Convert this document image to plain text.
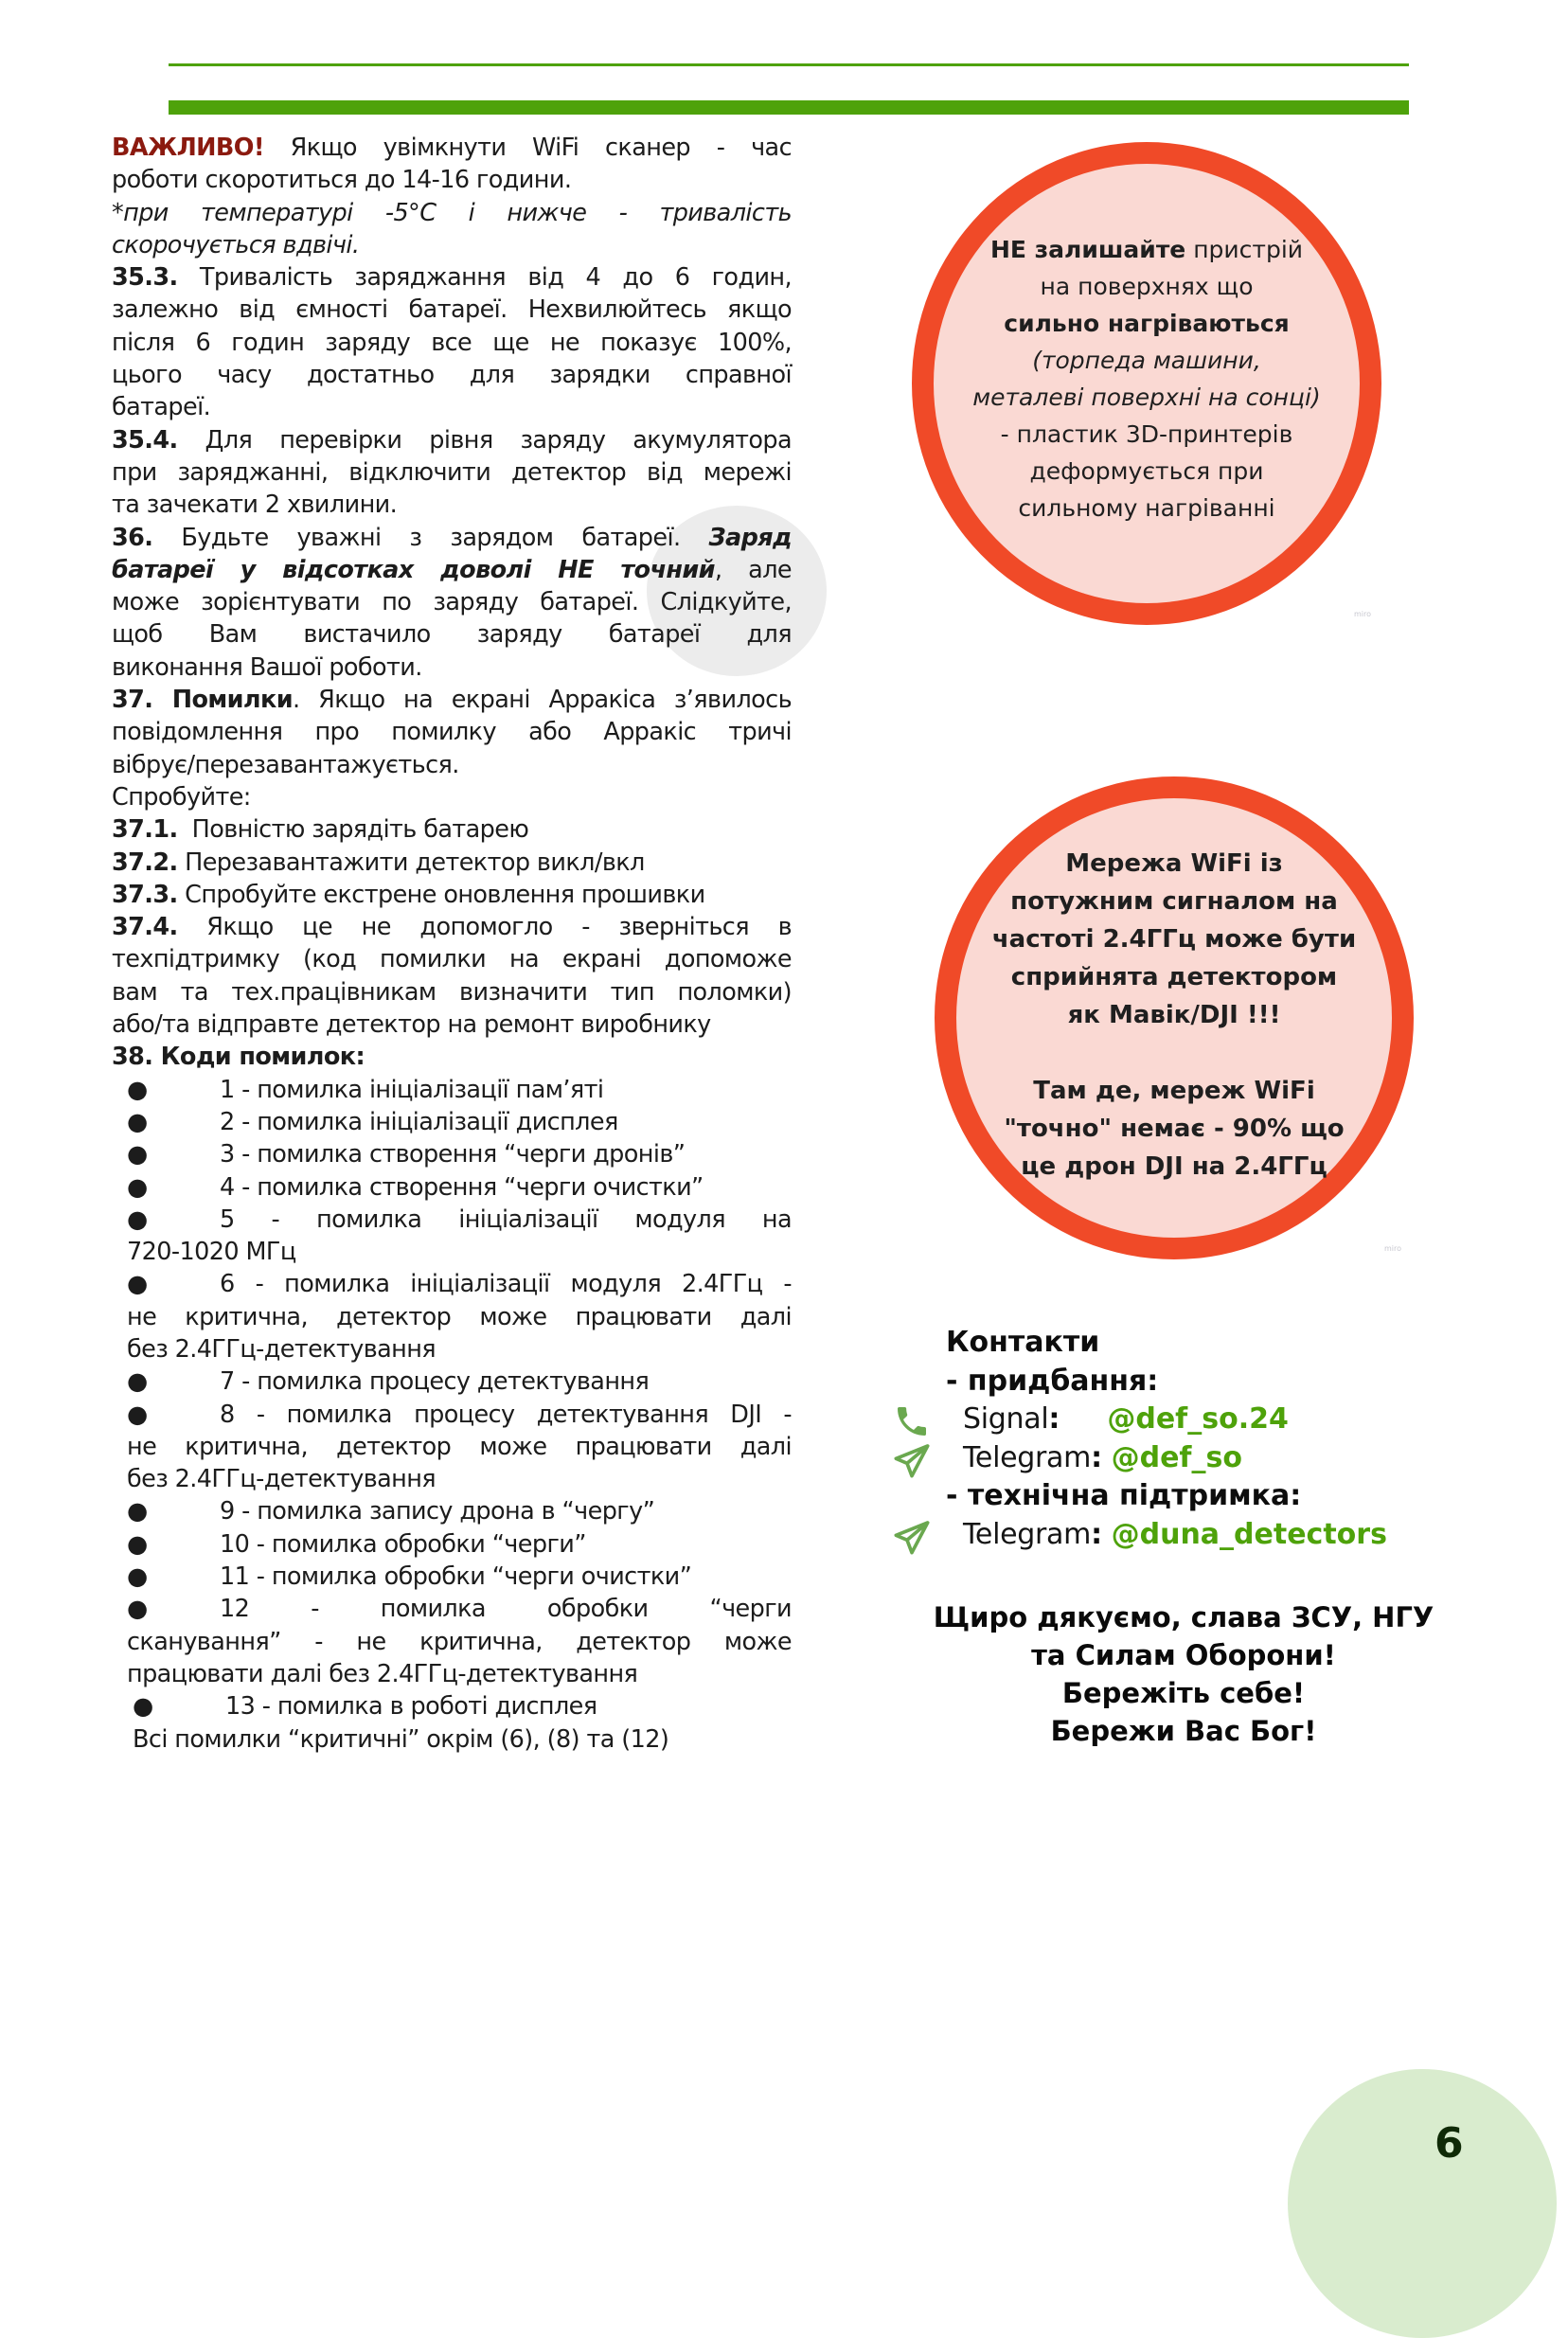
ВАЖЛИВО! Якщо увімкнути WiFi сканер - час

роботи скоротиться до 14-16 години.

*при температурі -5°C і нижче - тривалість

скорочується вдвічі.

35.3. Тривалість заряджання від 4 до 6 годин,

залежно від ємності батареї. Нехвилюйтесь якщо

після 6 годин заряду все ще не показує 100%,

цього часу достатньо для зарядки справної

батареї.

35.4. Для перевірки рівня заряду акумулятора

при заряджанні, відключити детектор від мережі

та зачекати 2 хвилини.

36. Будьте уважні з зарядом батареї. Заряд

батареї у відсотках доволі НЕ точний, але

може зорієнтувати по заряду батареї. Слідкуйте,

щоб Вам вистачило заряду батареї для

виконання Вашої роботи.

37. Помилки. Якщо на екрані Арракіса з’явилось

повідомлення про помилку або Арракіс тричі

вібрує/перезавантажується.

Спробуйте:

37.1.  Повністю зарядіть батарею

37.2. Перезавантажити детектор викл/вкл

37.3. Спробуйте екстрене оновлення прошивки

37.4. Якщо це не допомогло - зверніться в

техпідтримку (код помилки на екрані допоможе

вам та тех.працівникам визначити тип поломки)

або/та відправте детектор на ремонт виробнику

38. Коди помилок:

●	1 - помилка ініціалізації пам’яті
●	2 - помилка ініціалізації дисплея
●	3 - помилка створення “черги дронів”
●	4 - помилка створення “черги очистки”
●	5 - помилка ініціалізації модуля на
720-1020 МГц
●	6 - помилка ініціалізації модуля 2.4ГГц -
не критична, детектор може працювати далі
без 2.4ГГц-детектування
●	7 - помилка процесу детектування
●	8 - помилка процесу детектування DJI -
не критична, детектор може працювати далі
без 2.4ГГц-детектування
●	9 - помилка запису дрона в “чергу”
●	10 - помилка обробки “черги”
●	11 - помилка обробки “черги очистки”
●	12 - помилка обробки “черги
сканування” - не критична, детектор може
працювати далі без 2.4ГГц-детектування
●	13 - помилка в роботі дисплея

Всі помилки “критичні” окрім (6), (8) та (12)

НЕ залишайте пристрій
на поверхнях що
сильно нагріваються
(торпеда машини,
металеві поверхні на сонці)
- пластик 3D-принтерів
деформується при
сильному нагріванні
miro
Мережа WiFi із
потужним сигналом на
частоті 2.4ГГц може бути
сприйнята детектором
як Мавік/DJI !!!
Там де, мереж WiFi
"точно" немає - 90% що
це дрон DJI на 2.4ГГц
miro
Контакти
- придбання:
Signal: @def_so.24
Telegram: @def_so
- технічна підтримка:
Telegram: @duna_detectors
Щиро дякуємо, слава ЗСУ, НГУ
та Силам Оборони!
Бережіть себе!
Бережи Вас Бог!
6
